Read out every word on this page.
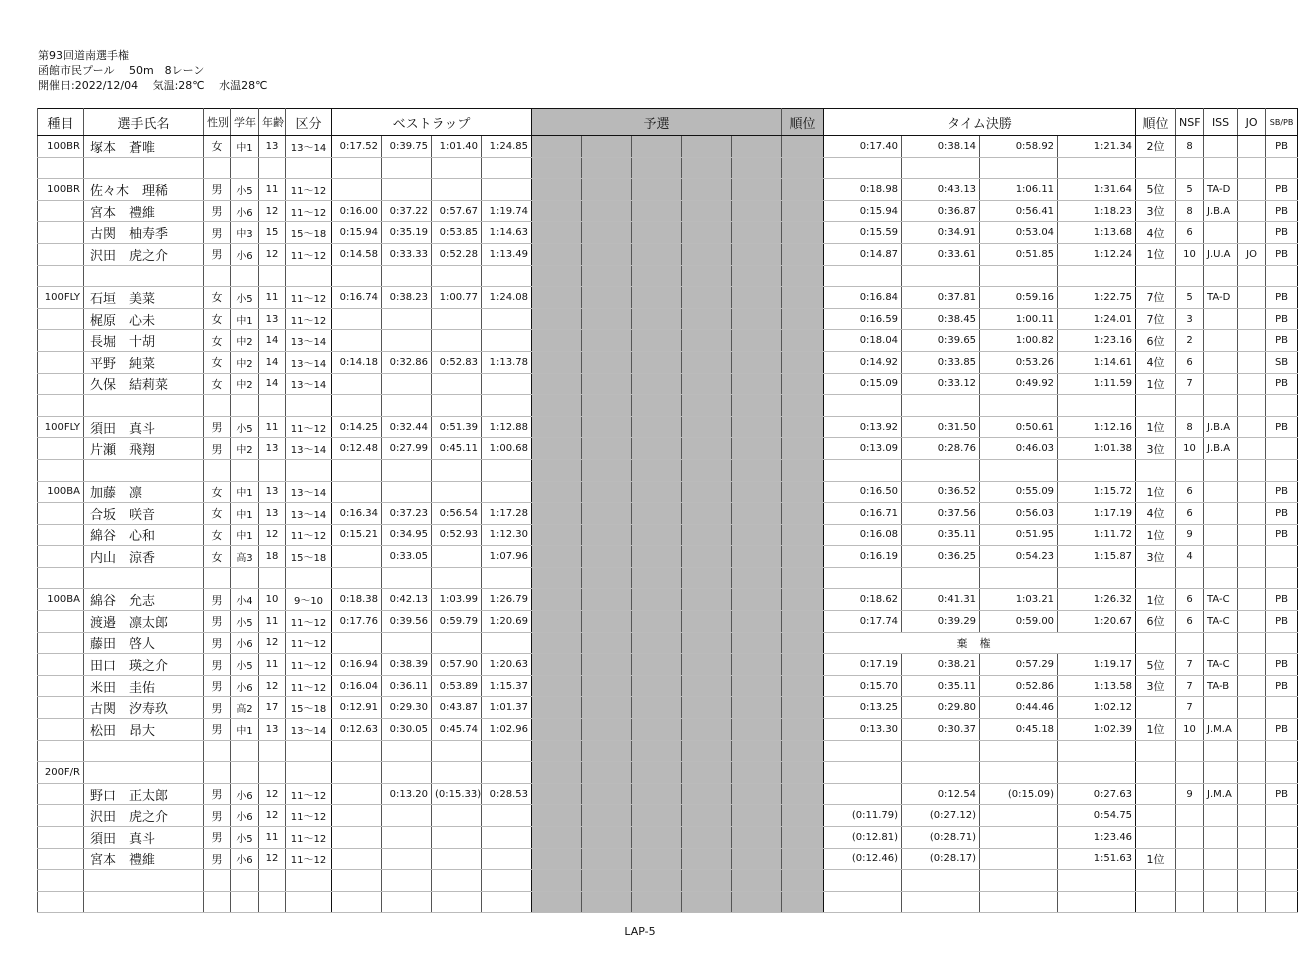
第93回道南選手権
函館市民プール　 50m　8レーン
開催日:2022/12/04　 気温:28℃　 水温28℃
種目	選手氏名	性別	学年	年齢	区分	ベストラップ				予選					順位	タイム決勝				順位	NSF	ISS	JO	SB/PB
100BR	塚本　蒼唯	女	中1	13	13～14	0:17.52	0:39.75	1:01.40	1:24.85							0:17.40	0:38.14	0:58.92	1:21.34	2位	8			PB

100BR	佐々木　理稀	男	小5	11	11～12											0:18.98	0:43.13	1:06.11	1:31.64	5位	5	TA-D		PB
	宮本　禮維	男	小6	12	11～12	0:16.00	0:37.22	0:57.67	1:19.74							0:15.94	0:36.87	0:56.41	1:18.23	3位	8	J.B.A		PB
	古関　柚寿季	男	中3	15	15～18	0:15.94	0:35.19	0:53.85	1:14.63							0:15.59	0:34.91	0:53.04	1:13.68	4位	6			PB
	沢田　虎之介	男	小6	12	11～12	0:14.58	0:33.33	0:52.28	1:13.49							0:14.87	0:33.61	0:51.85	1:12.24	1位	10	J.U.A	JO	PB

100FLY	石垣　美菜	女	小5	11	11～12	0:16.74	0:38.23	1:00.77	1:24.08							0:16.84	0:37.81	0:59.16	1:22.75	7位	5	TA-D		PB
	梶原　心未	女	中1	13	11～12											0:16.59	0:38.45	1:00.11	1:24.01	7位	3			PB
	長堀　十胡	女	中2	14	13～14											0:18.04	0:39.65	1:00.82	1:23.16	6位	2			PB
	平野　純菜	女	中2	14	13～14	0:14.18	0:32.86	0:52.83	1:13.78							0:14.92	0:33.85	0:53.26	1:14.61	4位	6			SB
	久保　結莉菜	女	中2	14	13～14											0:15.09	0:33.12	0:49.92	1:11.59	1位	7			PB

100FLY	須田　真斗	男	小5	11	11～12	0:14.25	0:32.44	0:51.39	1:12.88							0:13.92	0:31.50	0:50.61	1:12.16	1位	8	J.B.A		PB
	片瀬　飛翔	男	中2	13	13～14	0:12.48	0:27.99	0:45.11	1:00.68							0:13.09	0:28.76	0:46.03	1:01.38	3位	10	J.B.A		

100BA	加藤　凛	女	中1	13	13～14											0:16.50	0:36.52	0:55.09	1:15.72	1位	6			PB
	合坂　咲音	女	中1	13	13～14	0:16.34	0:37.23	0:56.54	1:17.28							0:16.71	0:37.56	0:56.03	1:17.19	4位	6			PB
	綿谷　心和	女	中1	12	11～12	0:15.21	0:34.95	0:52.93	1:12.30							0:16.08	0:35.11	0:51.95	1:11.72	1位	9			PB
	内山　涼香	女	高3	18	15～18		0:33.05		1:07.96							0:16.19	0:36.25	0:54.23	1:15.87	3位	4			

100BA	綿谷　允志	男	小4	10	9～10	0:18.38	0:42.13	1:03.99	1:26.79							0:18.62	0:41.31	1:03.21	1:26.32	1位	6	TA-C		PB
	渡邉　凛太郎	男	小5	11	11～12	0:17.76	0:39.56	0:59.79	1:20.69							0:17.74	0:39.29	0:59.00	1:20.67	6位	6	TA-C		PB
	藤田　啓人	男	小6	12	11～12											棄権								
	田口　瑛之介	男	小5	11	11～12	0:16.94	0:38.39	0:57.90	1:20.63							0:17.19	0:38.21	0:57.29	1:19.17	5位	7	TA-C		PB
	米田　圭佑	男	小6	12	11～12	0:16.04	0:36.11	0:53.89	1:15.37							0:15.70	0:35.11	0:52.86	1:13.58	3位	7	TA-B		PB
	古関　汐寿玖	男	高2	17	15～18	0:12.91	0:29.30	0:43.87	1:01.37							0:13.25	0:29.80	0:44.46	1:02.12		7			
	松田　昂大	男	中1	13	13～14	0:12.63	0:30.05	0:45.74	1:02.96							0:13.30	0:30.37	0:45.18	1:02.39	1位	10	J.M.A		PB

200F/R																								
	野口　正太郎	男	小6	12	11～12		0:13.20	(0:15.33)	0:28.53								0:12.54	(0:15.09)	0:27.63		9	J.M.A		PB
	沢田　虎之介	男	小6	12	11～12											(0:11.79)	(0:27.12)		0:54.75					
	須田　真斗	男	小5	11	11～12											(0:12.81)	(0:28.71)		1:23.46					
	宮本　禮維	男	小6	12	11～12											(0:12.46)	(0:28.17)		1:51.63	1位				

LAP-5
